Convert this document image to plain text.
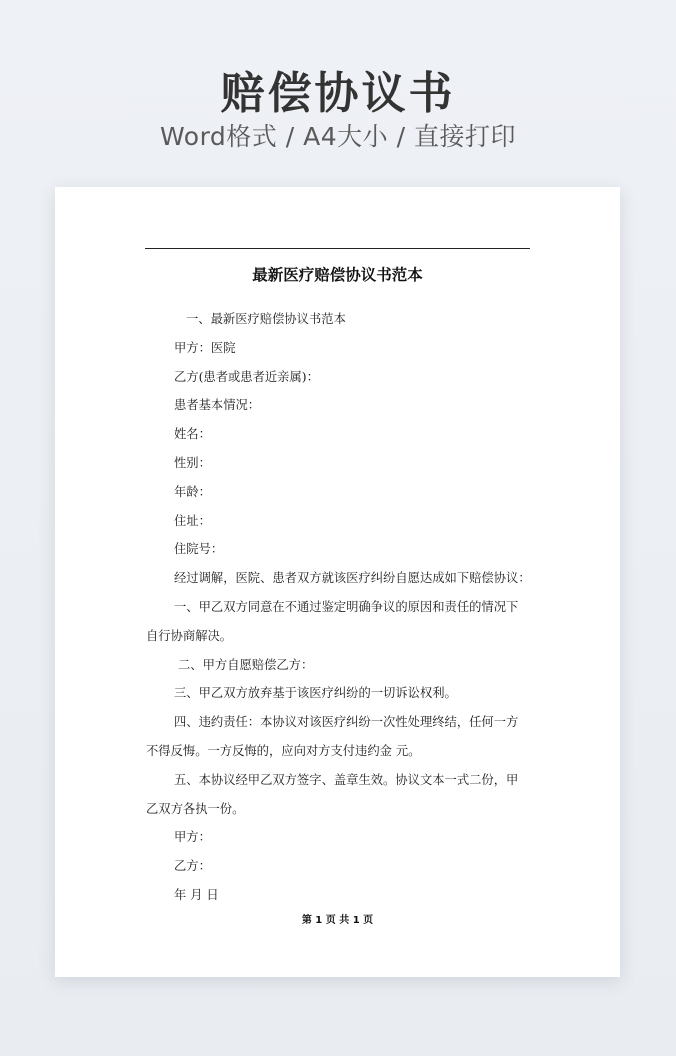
赔偿协议书
Word格式 / A4大小 / 直接打印
最新医疗赔偿协议书范本
一、最新医疗赔偿协议书范本
甲方：医院
乙方(患者或患者近亲属)：
患者基本情况：
姓名：
性别：
年龄：
住址：
住院号：
经过调解，医院、患者双方就该医疗纠纷自愿达成如下赔偿协议：
一、甲乙双方同意在不通过鉴定明确争议的原因和责任的情况下
自行协商解决。
二、甲方自愿赔偿乙方：
三、甲乙双方放弃基于该医疗纠纷的一切诉讼权利。
四、违约责任：本协议对该医疗纠纷一次性处理终结，任何一方
不得反悔。一方反悔的，应向对方支付违约金 元。
五、本协议经甲乙双方签字、盖章生效。协议文本一式二份，甲
乙双方各执一份。
甲方：
乙方：
年 月 日
第 1 页 共 1 页
